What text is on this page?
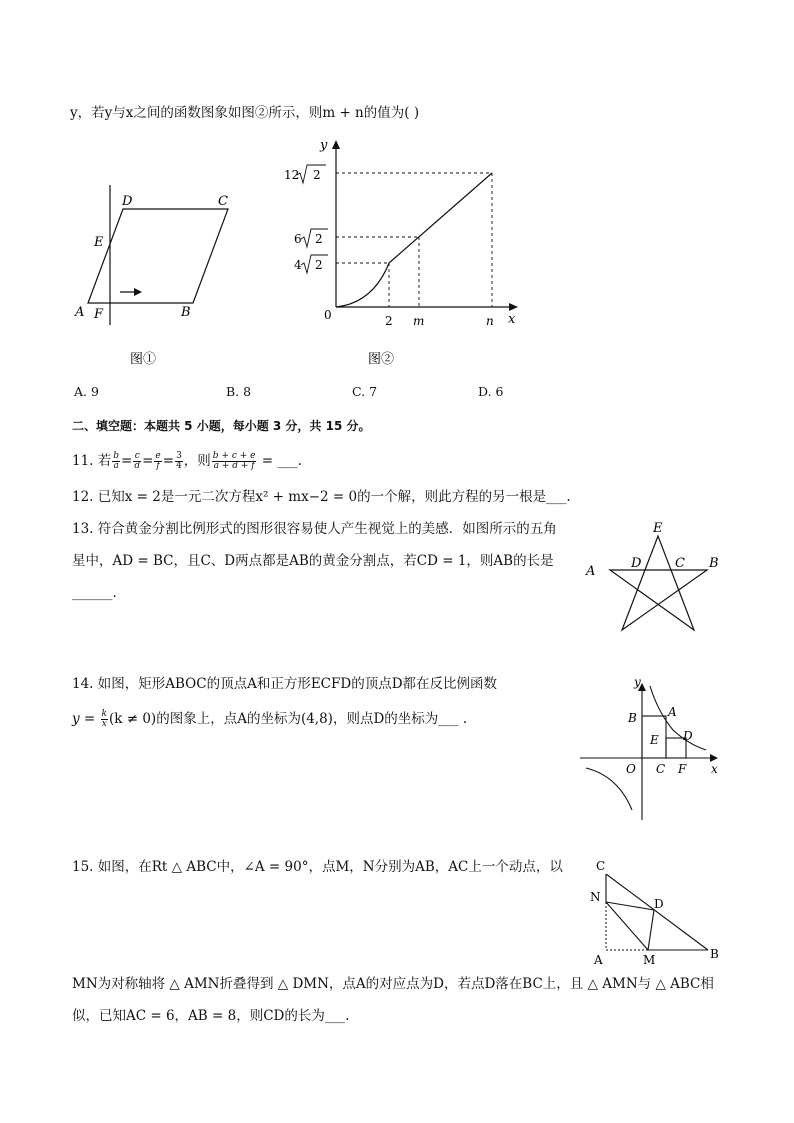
y，若y与x之间的函数图象如图②所示，则m + n的值为( )
D	C
E
A F	B
图①
y
x
0
12 2
6 2
4 2
2 m	n
图②
A. 9	B. 8	C. 7	D. 6
二、填空题：本题共 5 小题，每小题 3 分，共 15 分。
11. 若 $\frac{b}{a} = \frac{c}{d} = \frac{e}{f} = \frac{3}{4}$ ，则 $\frac{b + c + e}{a + d + f}$ = ___.
12. 已知x = 2是一元二次方程x² + mx−2 = 0的一个解，则此方程的另一根是___.
13. 符合黄金分割比例形式的图形很容易使人产生视觉上的美感．如图所示的五角
星中，AD = BC，且C、D两点都是AB的黄金分割点，若CD = 1，则AB的长是
______.
E
A
D	C B
14. 如图，矩形ABOC的顶点A和正方形ECFD的顶点D都在反比例函数
$y = \frac{k}{x} (k \ne 0)$的图象上，点A的坐标为(4,8)，则点D的坐标为___ .
y
x
A
B
E D
O C F
15. 如图，在Rt △ ABC中，∠A = 90°，点M，N分别为AB，AC上一个动点，以	C
N	D
A	M	B
MN为对称轴将 △ AMN折叠得到 △ DMN，点A的对应点为D，若点D落在BC上，且 △ AMN与 △ ABC相
似，已知AC = 6，AB = 8，则CD的长为___.
